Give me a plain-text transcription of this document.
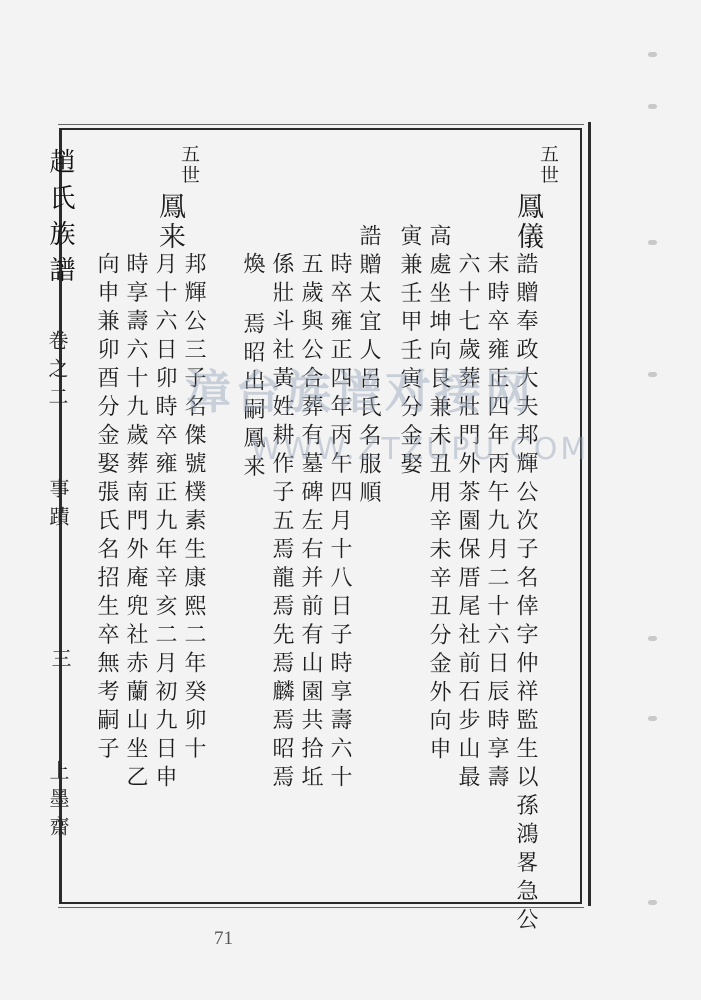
趙氏族譜
卷之二
事蹟
三
上墨齋
五世
鳳儀
誥贈奉政大夫邦輝公次子名倖字仲祥監生以孫鴻畧急公
末時卒雍正四年丙午九月二十六日辰時享壽
六十七歲葬壯門外茶園保厝尾社前石步山最
高處坐坤向艮兼未丑用辛未辛丑分金外向申
寅兼壬甲壬寅分金娶
誥贈太宜人呂氏名服順
時卒雍正四年丙午四月十八日子時享壽六十
五歲與公合葬有墓碑左右并前有山園共拾坵
係壯斗社黃姓耕作子五焉龍焉先焉麟焉昭焉
煥 焉昭出嗣鳳来
五世
鳳来
邦輝公三子名傑號樸素生康熙二年癸卯十
月十六日卯時卒雍正九年辛亥二月初九日申
時享壽六十九歲葬南門外庵兜社赤蘭山坐乙
向申兼卯酉分金娶張氏名招生卒無考嗣子	漳台族谱对接网
WWW.ZTZUPU.COM
71
